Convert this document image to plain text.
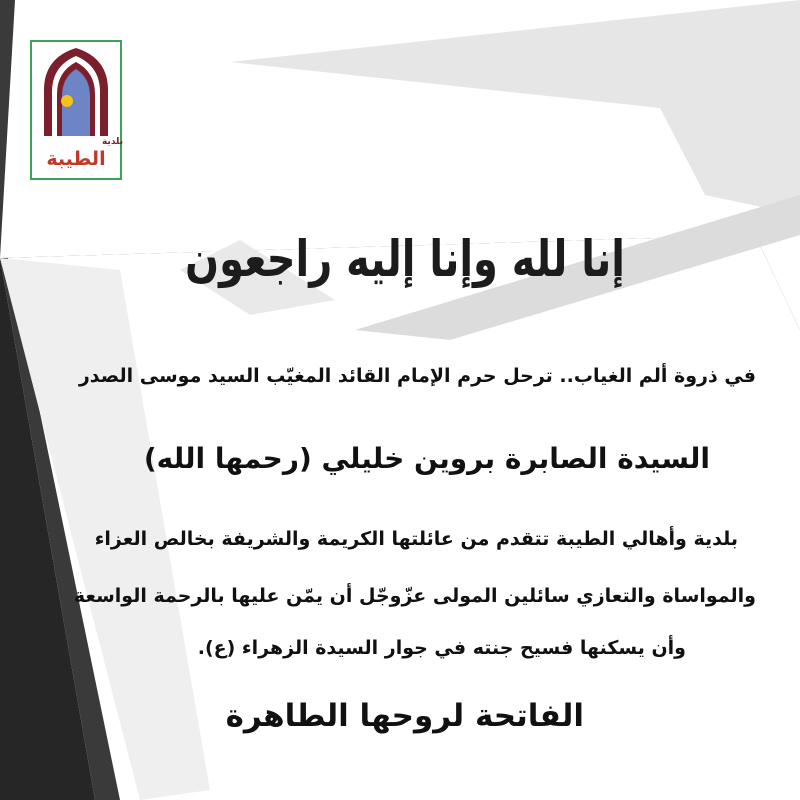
بلدية
الطيبة
إنا لله وإنا إليه راجعون
في ذروة ألم الغياب.. ترحل حرم الإمام القائد المغيّب السيد موسى الصدر
السيدة الصابرة بروين خليلي (رحمها الله)
بلدية وأهالي الطيبة تتقدم من عائلتها الكريمة والشريفة بخالص العزاء
والمواساة والتعازي سائلين المولى عزّوجّل أن يمّن عليها بالرحمة الواسعة
وأن يسكنها فسيح جنته في جوار السيدة الزهراء (ع).
الفاتحة لروحها الطاهرة
